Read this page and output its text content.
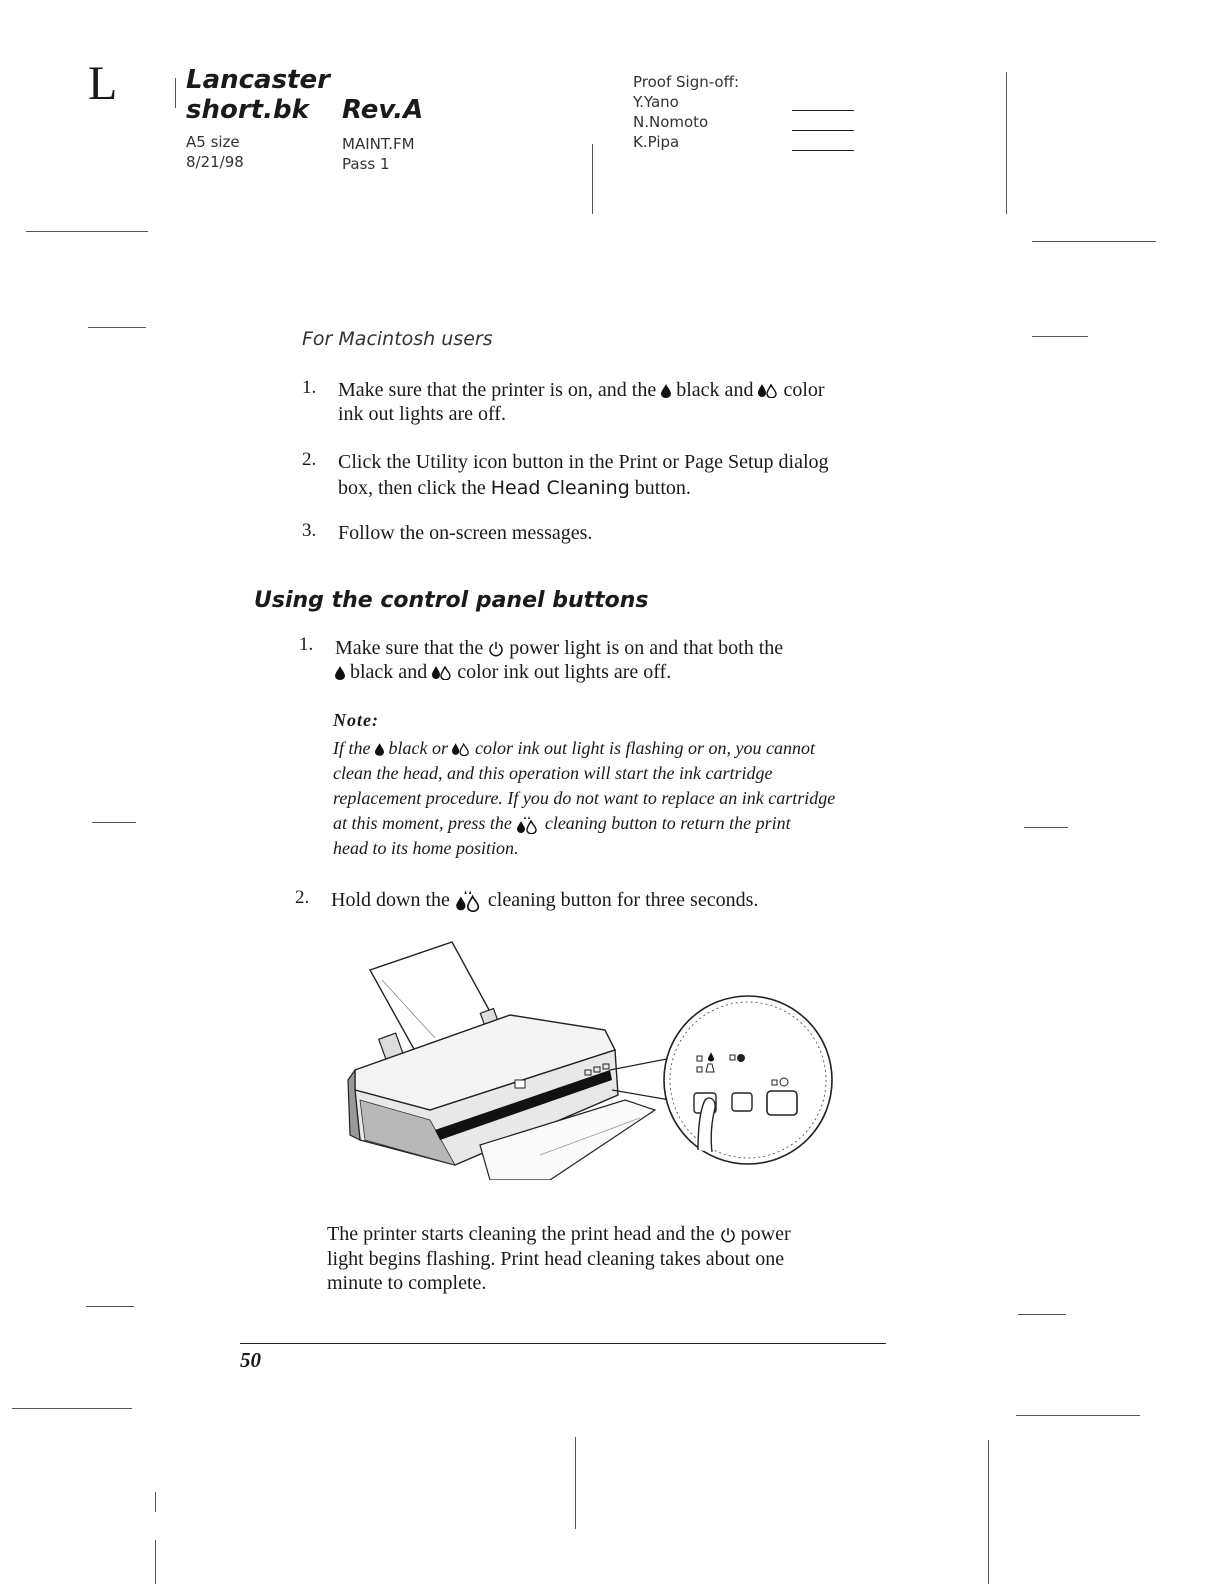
L	Lancaster
short.bk Rev.A
A5 size
8/21/98
MAINT.FM
Pass 1
Proof Sign-off:
Y.Yano
N.Nomoto
K.Pipa
For Macintosh users
1. Make sure that the printer is on, and the  black and  color
ink out lights are off.
2. Click the Utility icon button in the Print or Page Setup dialog
box, then click the Head Cleaning button.
3. Follow the on-screen messages.
Using the control panel buttons
1. Make sure that the  power light is on and that both the
black and  color ink out lights are off.
Note:
If the  black or  color ink out light is flashing or on, you cannot
clean the head, and this operation will start the ink cartridge
replacement procedure. If you do not want to replace an ink cartridge
at this moment, press the  cleaning button to return the print
head to its home position.
2. Hold down the  cleaning button for three seconds.
The printer starts cleaning the print head and the  power
light begins flashing. Print head cleaning takes about one
minute to complete.
50
